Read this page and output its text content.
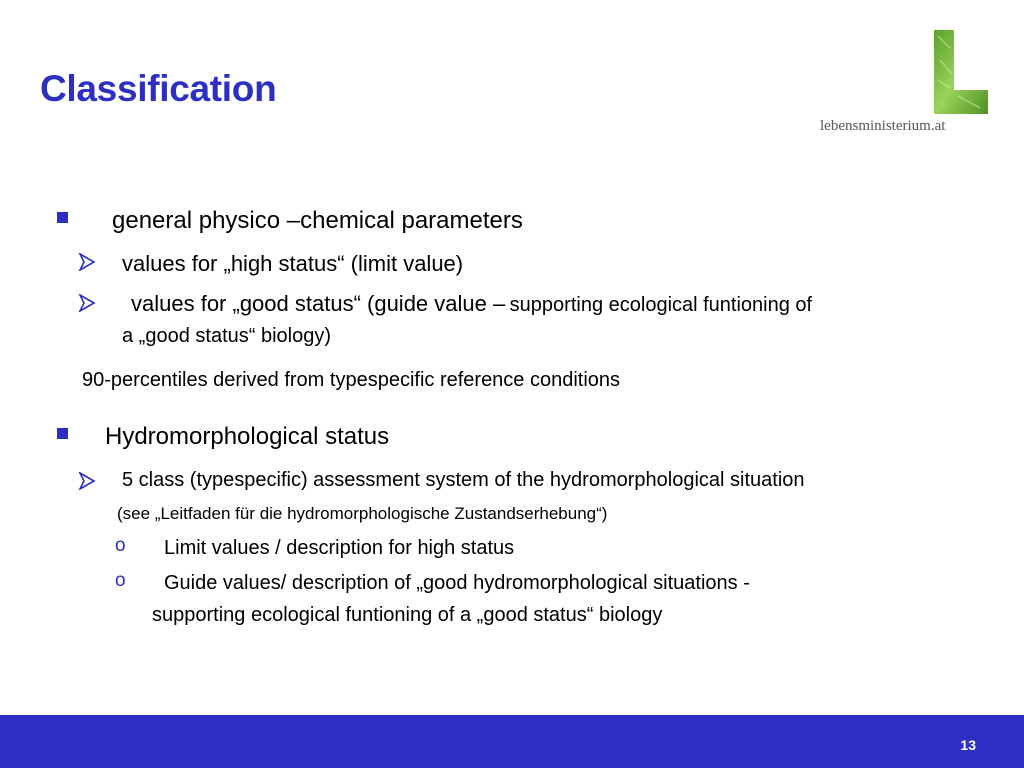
Classification
lebensministerium.at
general physico –chemical parameters
values for „high status“ (limit value)
values for „good status“ (guide value – supporting ecological funtioning of
a „good status“ biology)
90-percentiles derived from typespecific reference conditions
Hydromorphological status
5 class (typespecific) assessment system of the hydromorphological situation
(see „Leitfaden für die hydromorphologische Zustandserhebung“)
o Limit values / description for high status
o Guide values/ description of „good hydromorphological situations -
supporting ecological funtioning of a „good status“ biology
13
